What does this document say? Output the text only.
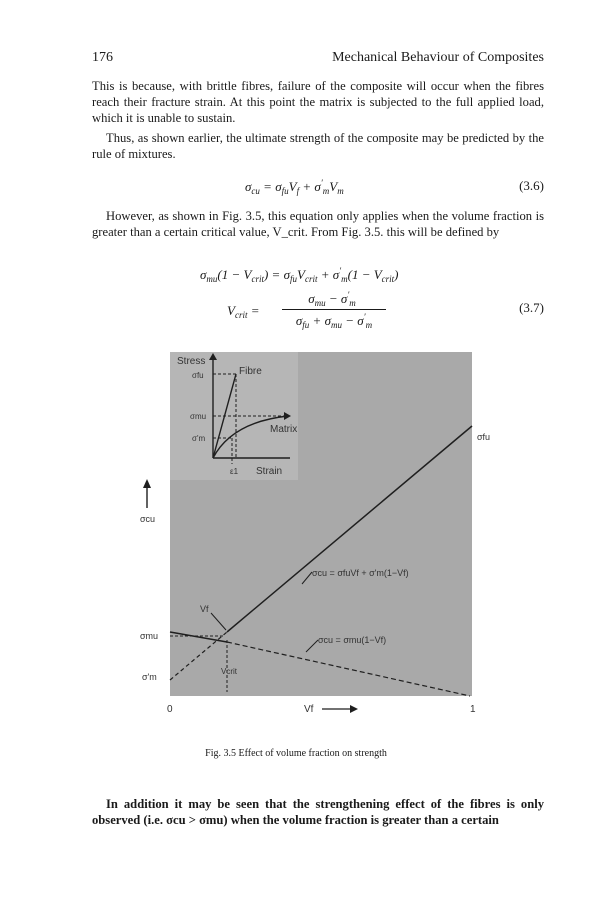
176	Mechanical Behaviour of Composites

This is because, with brittle fibres, failure of the composite will occur when the fibres reach their fracture strain. At this point the matrix is subjected to the full applied load, which it is unable to sustain.

Thus, as shown earlier, the ultimate strength of the composite may be predicted by the rule of mixtures.

$\sigma_{cu} = \sigma_{fu}V_f + \sigma'_mV_m$	(3.6)

However, as shown in Fig. 3.5, this equation only applies when the volume fraction is greater than a certain critical value, V_crit. From Fig. 3.5. this will be defined by

$\sigma_{mu}(1 - V_{crit}) = \sigma_{fu}V_{crit} + \sigma'_m(1 - V_{crit})$
$V_{crit}$ =
$\sigma_{mu} - \sigma'_m$
$\sigma_{fu} + \sigma_{mu} - \sigma'_m$
(3.7)
Stress
Fibre
Matrix
Strain
σfu
σmu
σ'm
ε1
σcu = σfuVf + σ'm(1−Vf)
σcu = σmu(1−Vf)
Vf
Vcrit
σcu
σfu
σmu
σ'm
0	1
Vf
Fig. 3.5 Effect of volume fraction on strength

In addition it may be seen that the strengthening effect of the fibres is only observed (i.e. σcu > σmu) when the volume fraction is greater than a certain
